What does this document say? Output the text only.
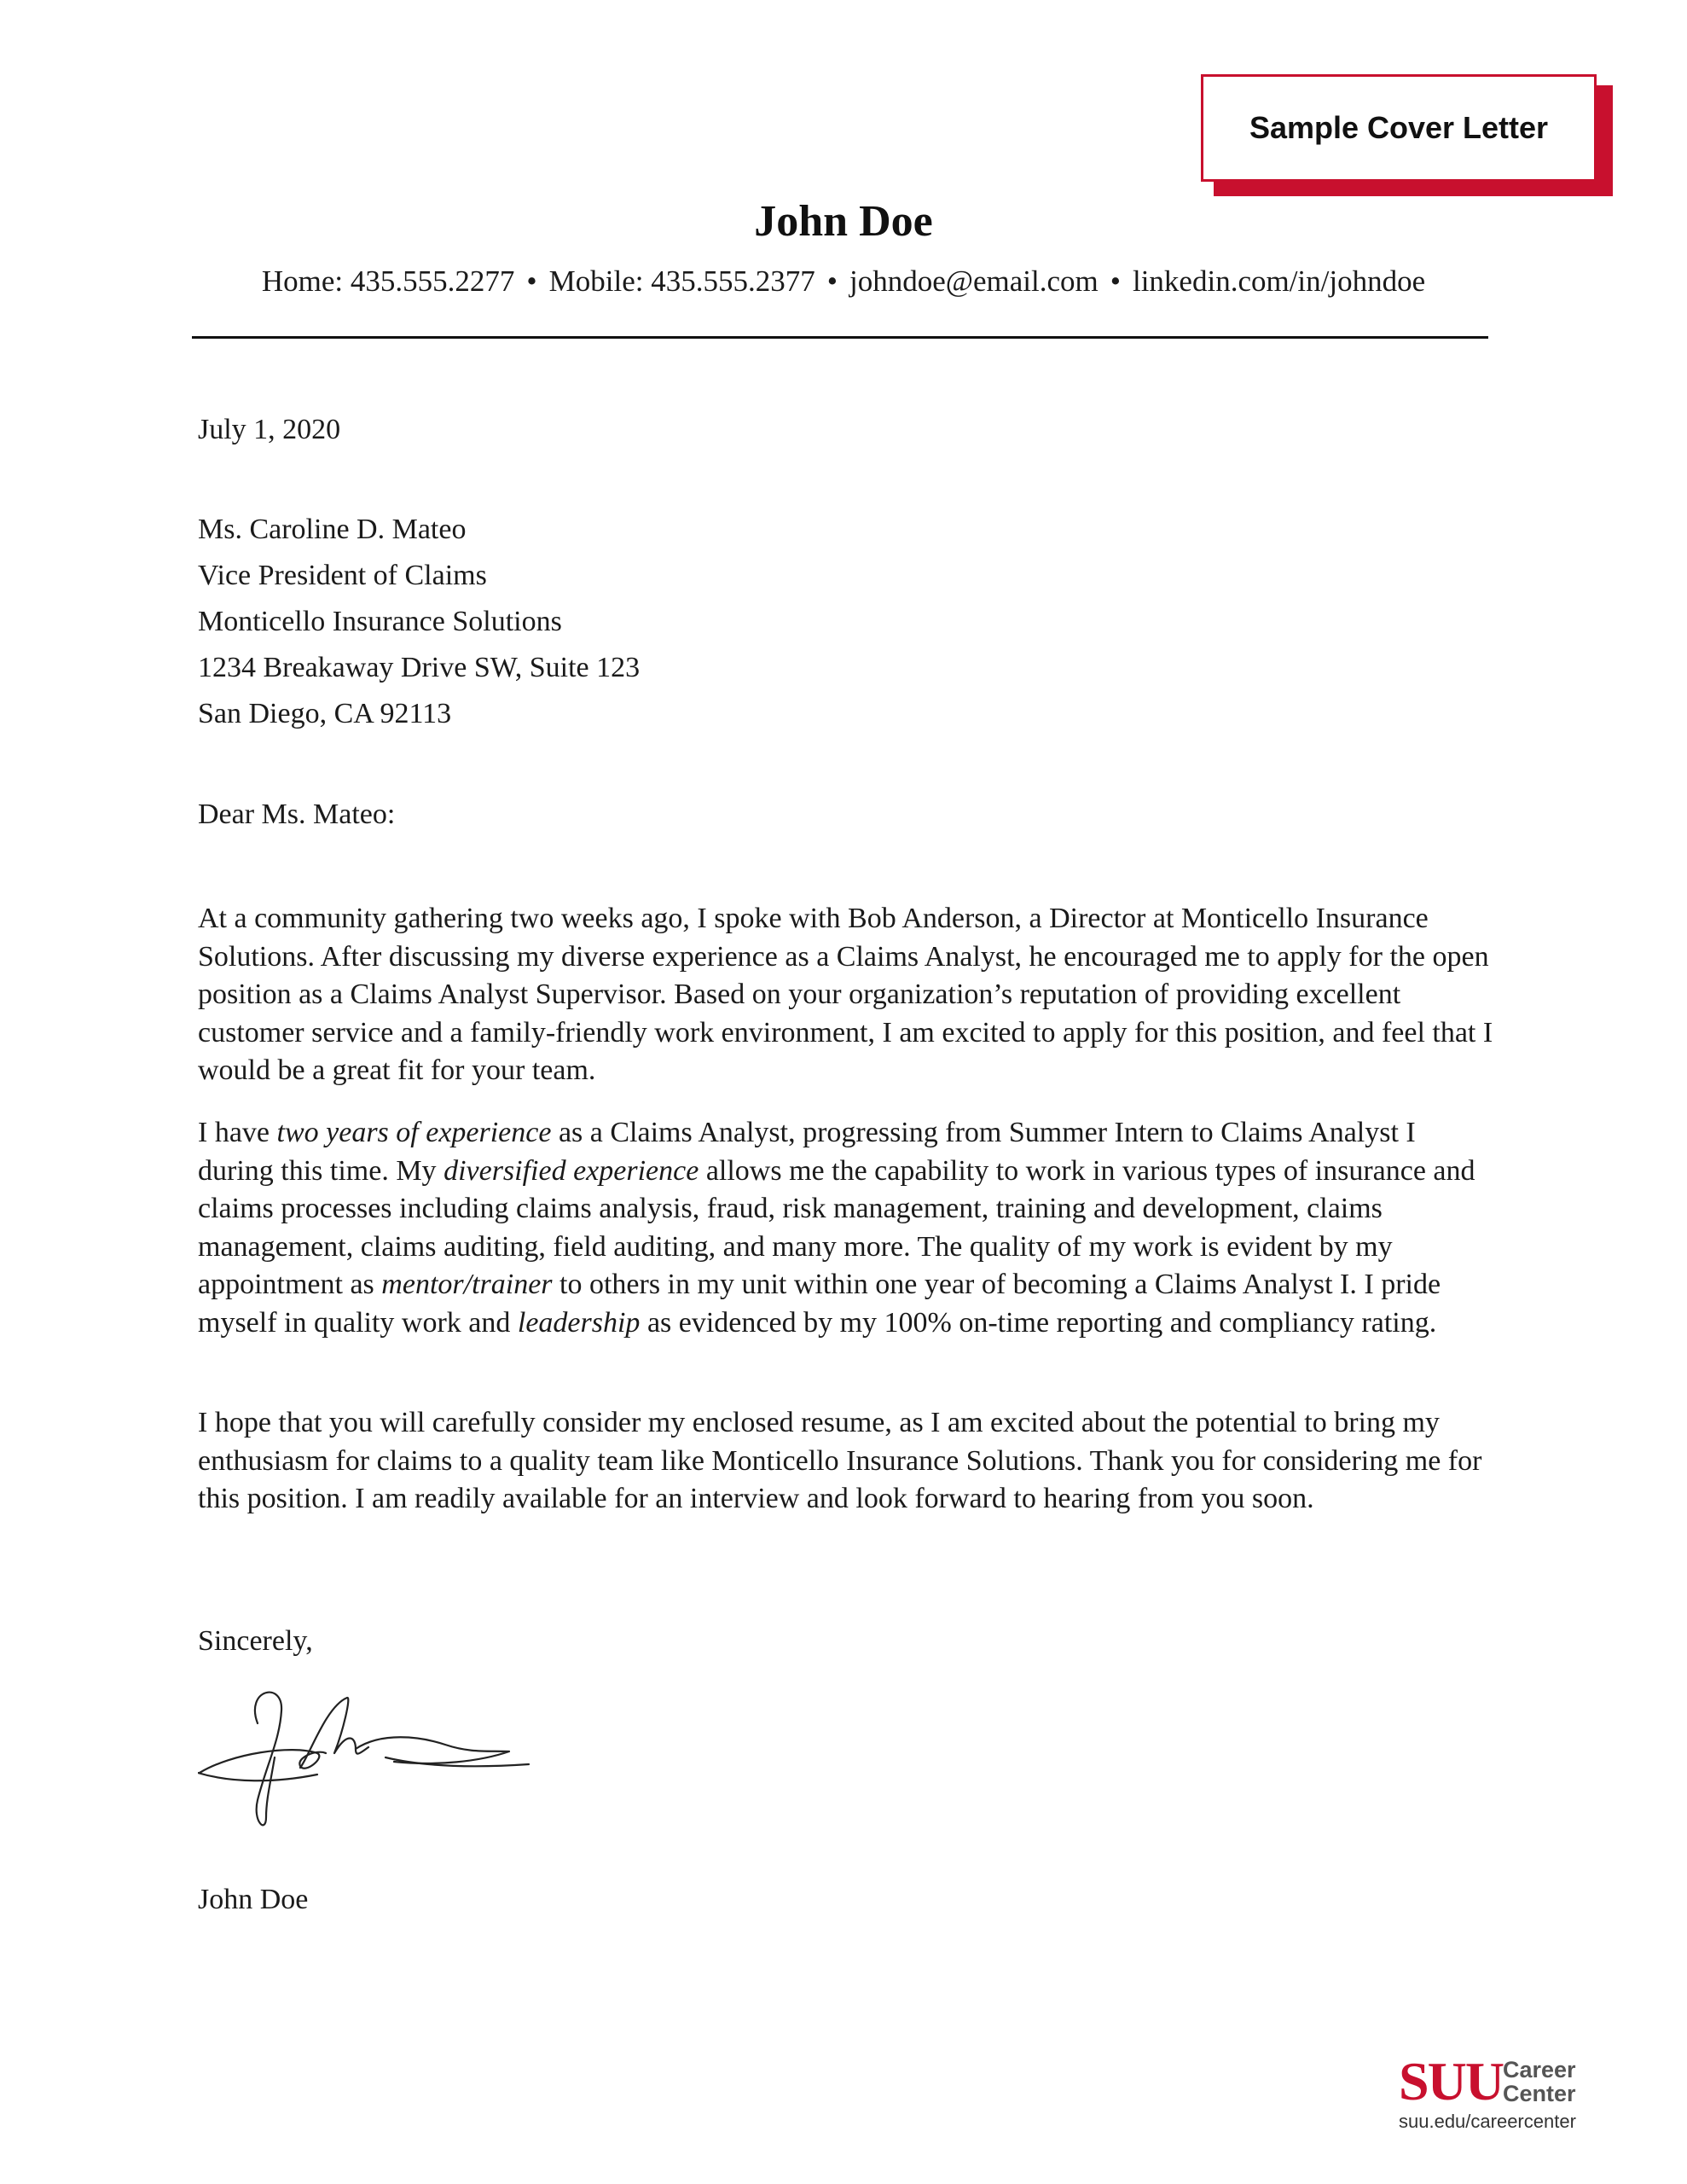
Sample Cover Letter
John Doe
Home: 435.555.2277 • Mobile: 435.555.2377 • johndoe@email.com • linkedin.com/in/johndoe
July 1, 2020
Ms. Caroline D. Mateo
Vice President of Claims
Monticello Insurance Solutions
1234 Breakaway Drive SW, Suite 123
San Diego, CA 92113
Dear Ms. Mateo:

At a community gathering two weeks ago, I spoke with Bob Anderson, a Director at Monticello Insurance Solutions. After discussing my diverse experience as a Claims Analyst, he encouraged me to apply for the open position as a Claims Analyst Supervisor. Based on your organization’s reputation of providing excellent customer service and a family-friendly work environment, I am excited to apply for this position, and feel that I would be a great fit for your team.

I have two years of experience as a Claims Analyst, progressing from Summer Intern to Claims Analyst I during this time. My diversified experience allows me the capability to work in various types of insurance and claims processes including claims analysis, fraud, risk management, training and development, claims management, claims auditing, field auditing, and many more. The quality of my work is evident by my appointment as mentor/trainer to others in my unit within one year of becoming a Claims Analyst I. I pride myself in quality work and leadership as evidenced by my 100% on-time reporting and compliancy rating.

I hope that you will carefully consider my enclosed resume, as I am excited about the potential to bring my enthusiasm for claims to a quality team like Monticello Insurance Solutions. Thank you for considering me for this position. I am readily available for an interview and look forward to hearing from you soon.

Sincerely,
John Doe
SUU Career
Center
suu.edu/careercenter
